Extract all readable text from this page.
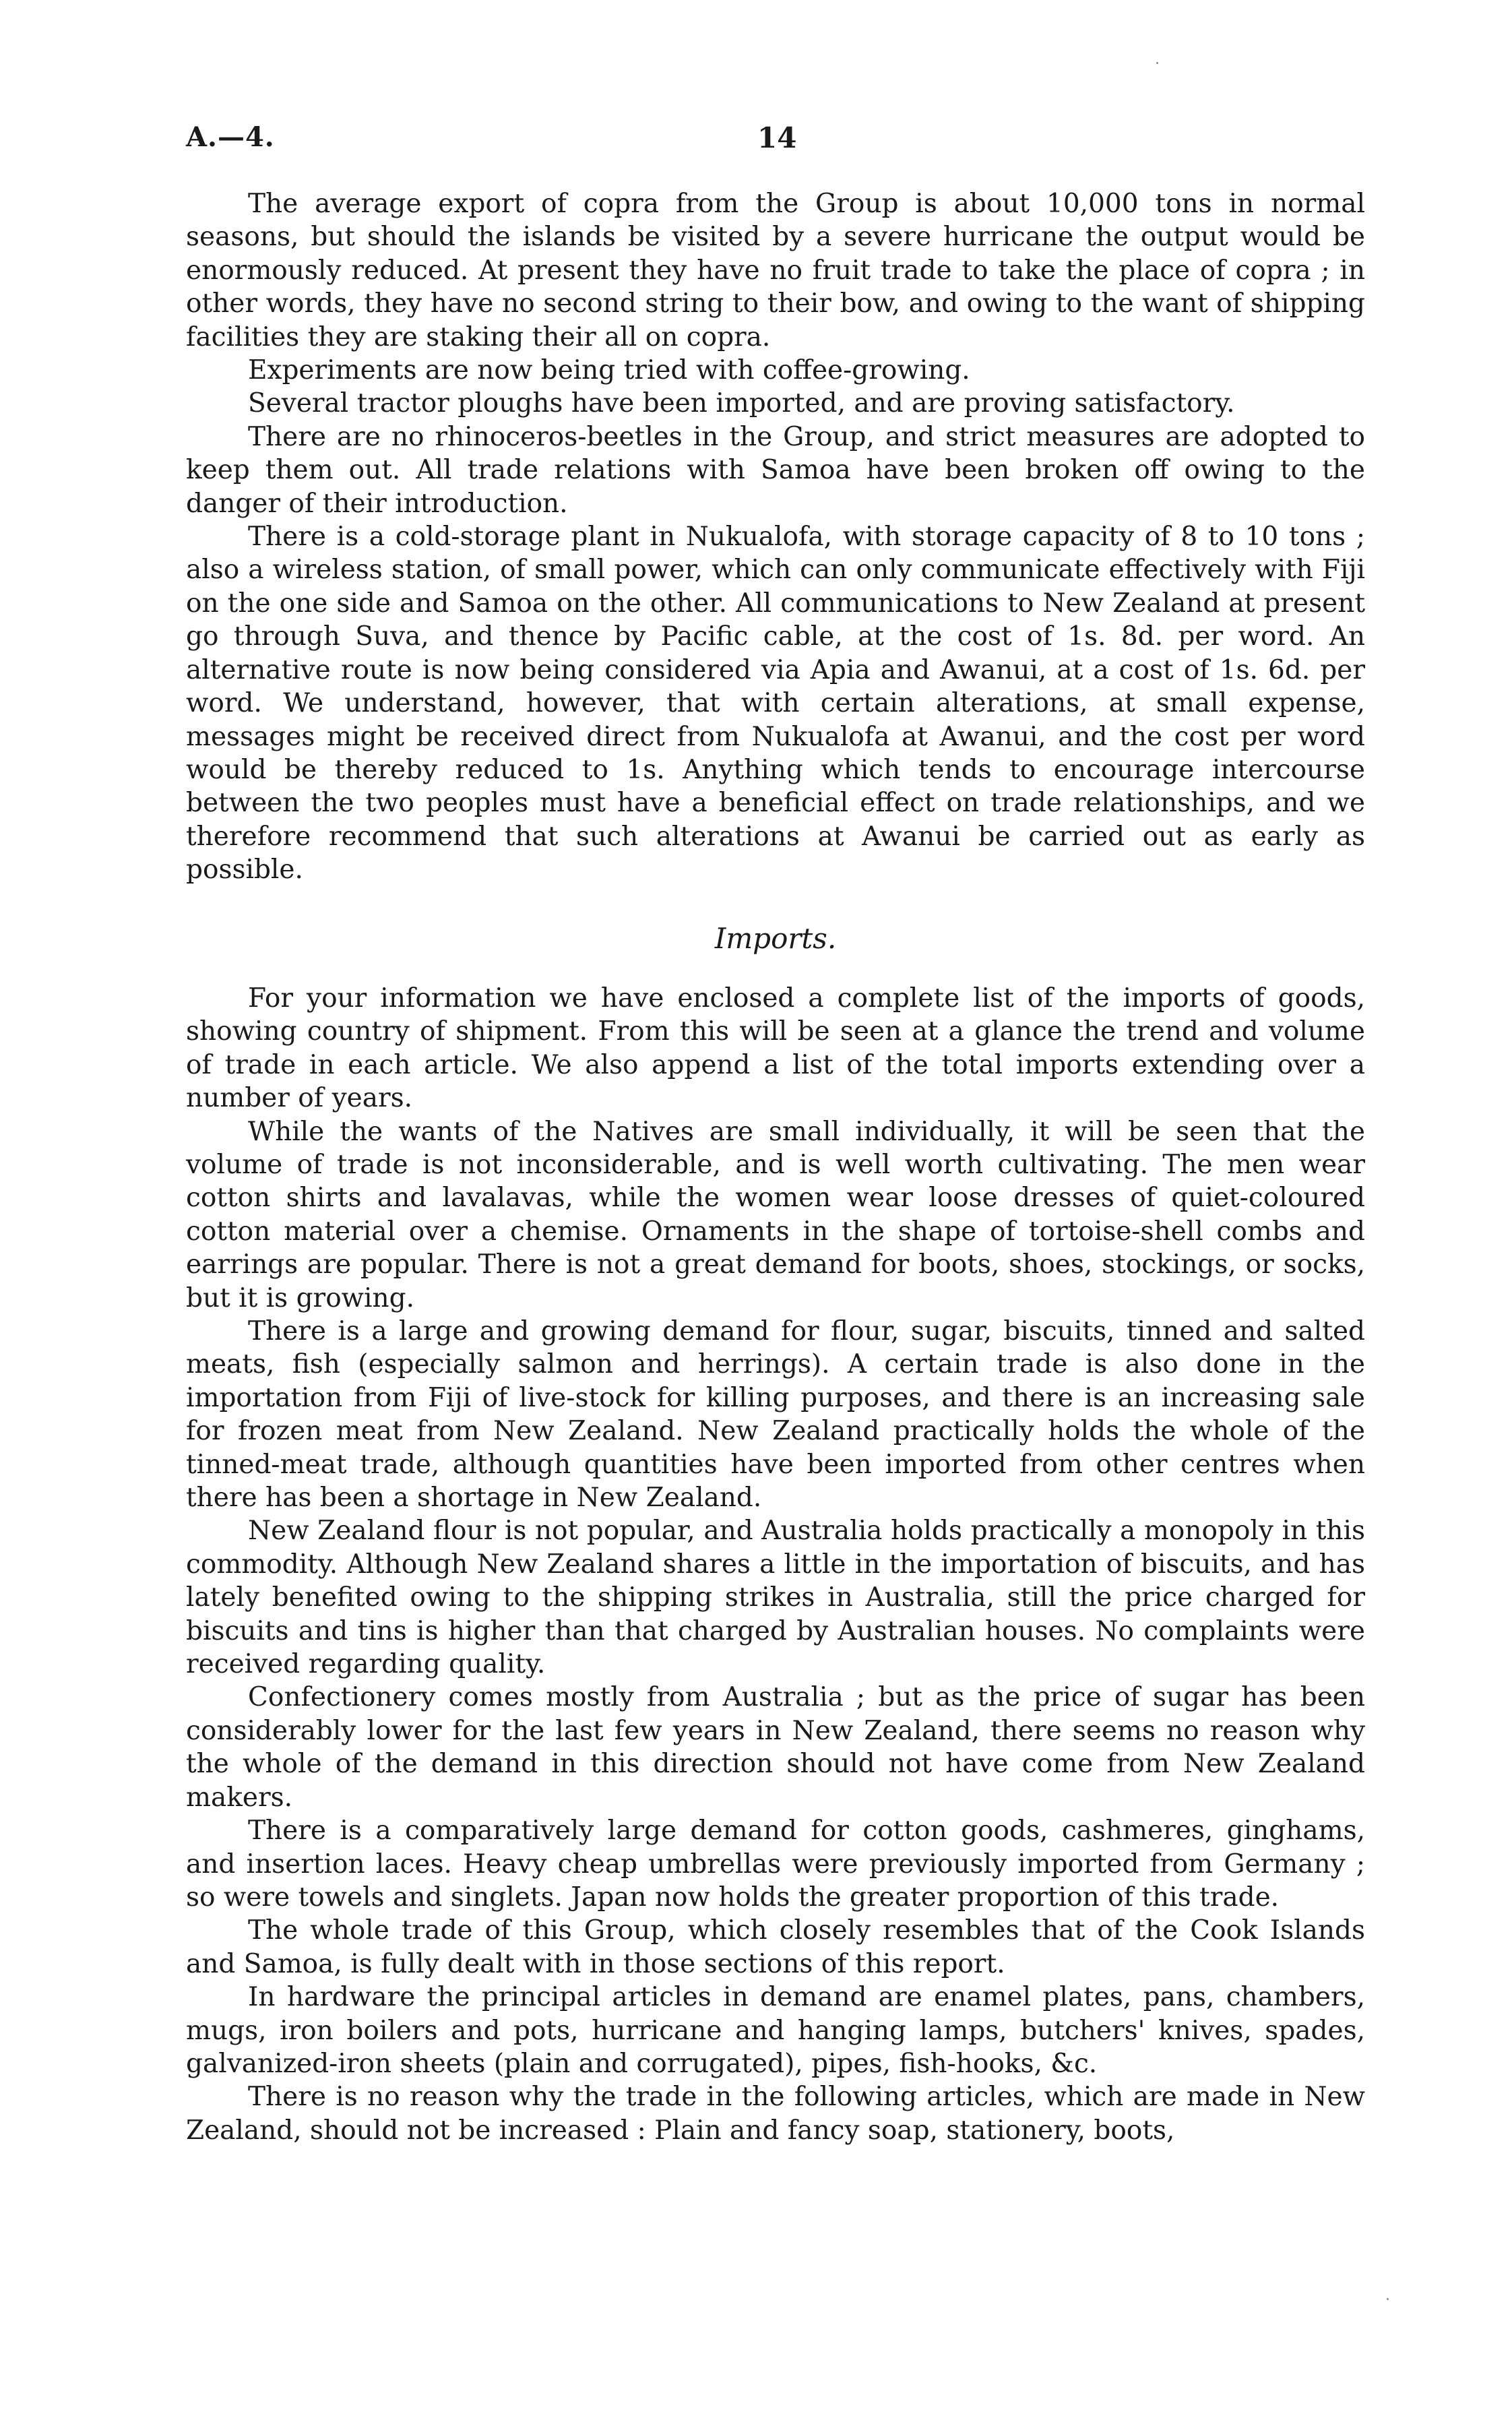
A.—4.	14

The average export of copra from the Group is about 10,000 tons in normal seasons, but should the islands be visited by a severe hurricane the output would be enormously reduced. At present they have no fruit trade to take the place of copra ; in other words, they have no second string to their bow, and owing to the want of shipping facilities they are staking their all on copra.

Experiments are now being tried with coffee-growing.

Several tractor ploughs have been imported, and are proving satisfactory.

There are no rhinoceros-beetles in the Group, and strict measures are adopted to keep them out. All trade relations with Samoa have been broken off owing to the danger of their introduction.

There is a cold-storage plant in Nukualofa, with storage capacity of 8 to 10 tons ; also a wireless station, of small power, which can only communicate effectively with Fiji on the one side and Samoa on the other. All communications to New Zealand at present go through Suva, and thence by Pacific cable, at the cost of 1s. 8d. per word. An alternative route is now being considered via Apia and Awanui, at a cost of 1s. 6d. per word. We understand, however, that with certain alterations, at small expense, messages might be received direct from Nukualofa at Awanui, and the cost per word would be thereby reduced to 1s. Anything which tends to encourage intercourse between the two peoples must have a beneficial effect on trade relationships, and we therefore recommend that such alterations at Awanui be carried out as early as possible.

Imports.

For your information we have enclosed a complete list of the imports of goods, showing country of shipment. From this will be seen at a glance the trend and volume of trade in each article. We also append a list of the total imports extending over a number of years.

While the wants of the Natives are small individually, it will be seen that the volume of trade is not inconsiderable, and is well worth cultivating. The men wear cotton shirts and lavalavas, while the women wear loose dresses of quiet-coloured cotton material over a chemise. Ornaments in the shape of tortoise-shell combs and earrings are popular. There is not a great demand for boots, shoes, stockings, or socks, but it is growing.

There is a large and growing demand for flour, sugar, biscuits, tinned and salted meats, fish (especially salmon and herrings). A certain trade is also done in the importation from Fiji of live-stock for killing purposes, and there is an increasing sale for frozen meat from New Zealand. New Zealand practically holds the whole of the tinned-meat trade, although quantities have been imported from other centres when there has been a shortage in New Zealand.

New Zealand flour is not popular, and Australia holds practically a monopoly in this commodity. Although New Zealand shares a little in the importation of biscuits, and has lately benefited owing to the shipping strikes in Australia, still the price charged for biscuits and tins is higher than that charged by Australian houses. No complaints were received regarding quality.

Confectionery comes mostly from Australia ; but as the price of sugar has been considerably lower for the last few years in New Zealand, there seems no reason why the whole of the demand in this direction should not have come from New Zealand makers.

There is a comparatively large demand for cotton goods, cashmeres, ginghams, and insertion laces. Heavy cheap umbrellas were previously imported from Germany ; so were towels and singlets. Japan now holds the greater proportion of this trade.

The whole trade of this Group, which closely resembles that of the Cook Islands and Samoa, is fully dealt with in those sections of this report.

In hardware the principal articles in demand are enamel plates, pans, chambers, mugs, iron boilers and pots, hurricane and hanging lamps, butchers' knives, spades, galvanized-iron sheets (plain and corrugated), pipes, fish-hooks, &c.

There is no reason why the trade in the following articles, which are made in New Zealand, should not be increased : Plain and fancy soap, stationery, boots,
